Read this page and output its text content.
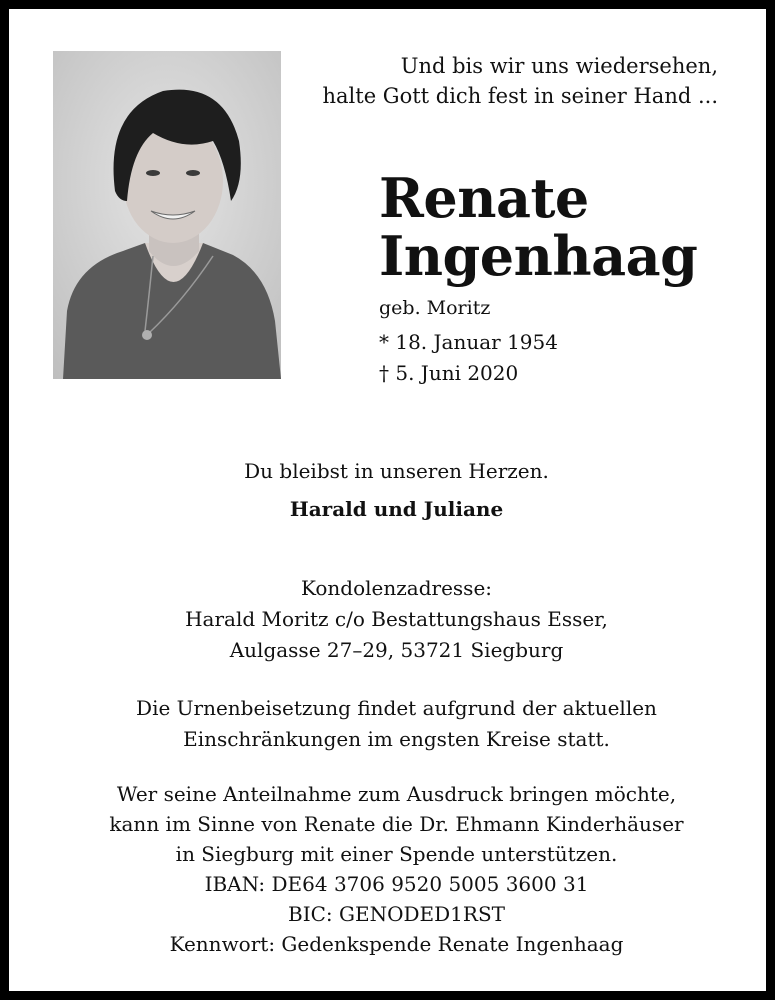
Und bis wir uns wiedersehen,
halte Gott dich fest in seiner Hand ...
Renate
Ingenhaag
geb. Moritz
* 18. Januar 1954
† 5. Juni 2020
Du bleibst in unseren Herzen.
Harald und Juliane
Kondolenzadresse:
Harald Moritz c/o Bestattungshaus Esser,
Aulgasse 27–29, 53721 Siegburg
Die Urnenbeisetzung findet aufgrund der aktuellen
Einschränkungen im engsten Kreise statt.
Wer seine Anteilnahme zum Ausdruck bringen möchte,
kann im Sinne von Renate die Dr. Ehmann Kinderhäuser
in Siegburg mit einer Spende unterstützen.
IBAN: DE64 3706 9520 5005 3600 31
BIC: GENODED1RST
Kennwort: Gedenkspende Renate Ingenhaag
